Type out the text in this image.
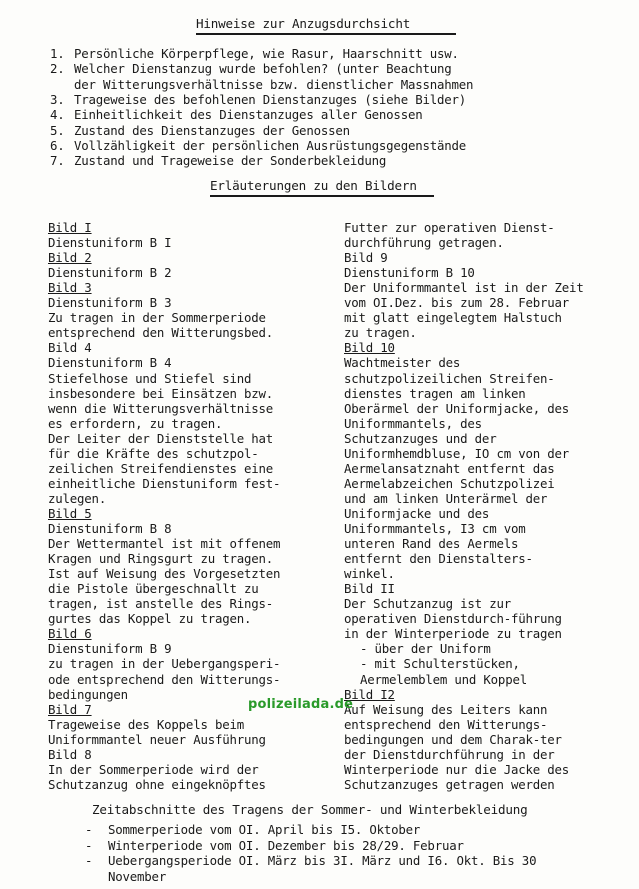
Hinweise zur Anzugsdurchsicht
1. Persönliche Körperpflege, wie Rasur, Haarschnitt usw.
2. Welcher Dienstanzug wurde befohlen? (unter Beachtung
der Witterungsverhältnisse bzw. dienstlicher Massnahmen
3. Trageweise des befohlenen Dienstanzuges (siehe Bilder)
4. Einheitlichkeit des Dienstanzuges aller Genossen
5. Zustand des Dienstanzuges der Genossen
6. Vollzähligkeit der persönlichen Ausrüstungsgegenstände
7. Zustand und Trageweise der Sonderbekleidung
Erläuterungen zu den Bildern
Bild I
Dienstuniform B I
Bild 2
Dienstuniform B 2
Bild 3
Dienstuniform B 3
Zu tragen in der Sommerperiode
entsprechend den Witterungsbed.
Bild 4
Dienstuniform B 4
Stiefelhose und Stiefel sind
insbesondere bei Einsätzen bzw.
wenn die Witterungsverhältnisse
es erfordern, zu tragen.
Der Leiter der Dienststelle hat
für die Kräfte des schutzpol-
zeilichen Streifendienstes eine
einheitliche Dienstuniform fest-
zulegen.
Bild 5
Dienstuniform B 8
Der Wettermantel ist mit offenem
Kragen und Ringsgurt zu tragen.
Ist auf Weisung des Vorgesetzten
die Pistole übergeschnallt zu
tragen, ist anstelle des Rings-
gurtes das Koppel zu tragen.
Bild 6
Dienstuniform B 9
zu tragen in der Uebergangsperi-
ode entsprechend den Witterungs-
bedingungen
Bild 7
Trageweise des Koppels beim
Uniformmantel neuer Ausführung
Bild 8
In der Sommerperiode wird der
Schutzanzug ohne eingeknöpftes
Futter zur operativen Dienst-
durchführung getragen.
Bild 9
Dienstuniform B 10
Der Uniformmantel ist in der Zeit
vom OI.Dez. bis zum 28. Februar
mit glatt eingelegtem Halstuch
zu tragen.
Bild 10
Wachtmeister des
schutzpolizeilichen Streifen-
dienstes tragen am linken
Oberärmel der Uniformjacke, des
Uniformmantels, des
Schutzanzuges und der
Uniformhemdbluse, IO cm von der
Aermelansatznaht entfernt das
Aermelabzeichen Schutzpolizei
und am linken Unterärmel der
Uniformjacke und des
Uniformmantels, I3 cm vom
unteren Rand des Aermels
entfernt den Dienstalters-
winkel.
Bild II
Der Schutzanzug ist zur
operativen Dienstdurch-führung
in der Winterperiode zu tragen
- über der Uniform
- mit Schulterstücken,
Aermelemblem und Koppel
Bild I2
Auf Weisung des Leiters kann
entsprechend den Witterungs-
bedingungen und dem Charak-ter
der Dienstdurchführung in der
Winterperiode nur die Jacke des
Schutzanzuges getragen werden
polizeilada.de
Zeitabschnitte des Tragens der Sommer- und Winterbekleidung
- Sommerperiode vom OI. April bis I5. Oktober
- Winterperiode vom OI. Dezember bis 28/29. Februar
- Uebergangsperiode OI. März bis 3I. März und I6. Okt. Bis 30
November
